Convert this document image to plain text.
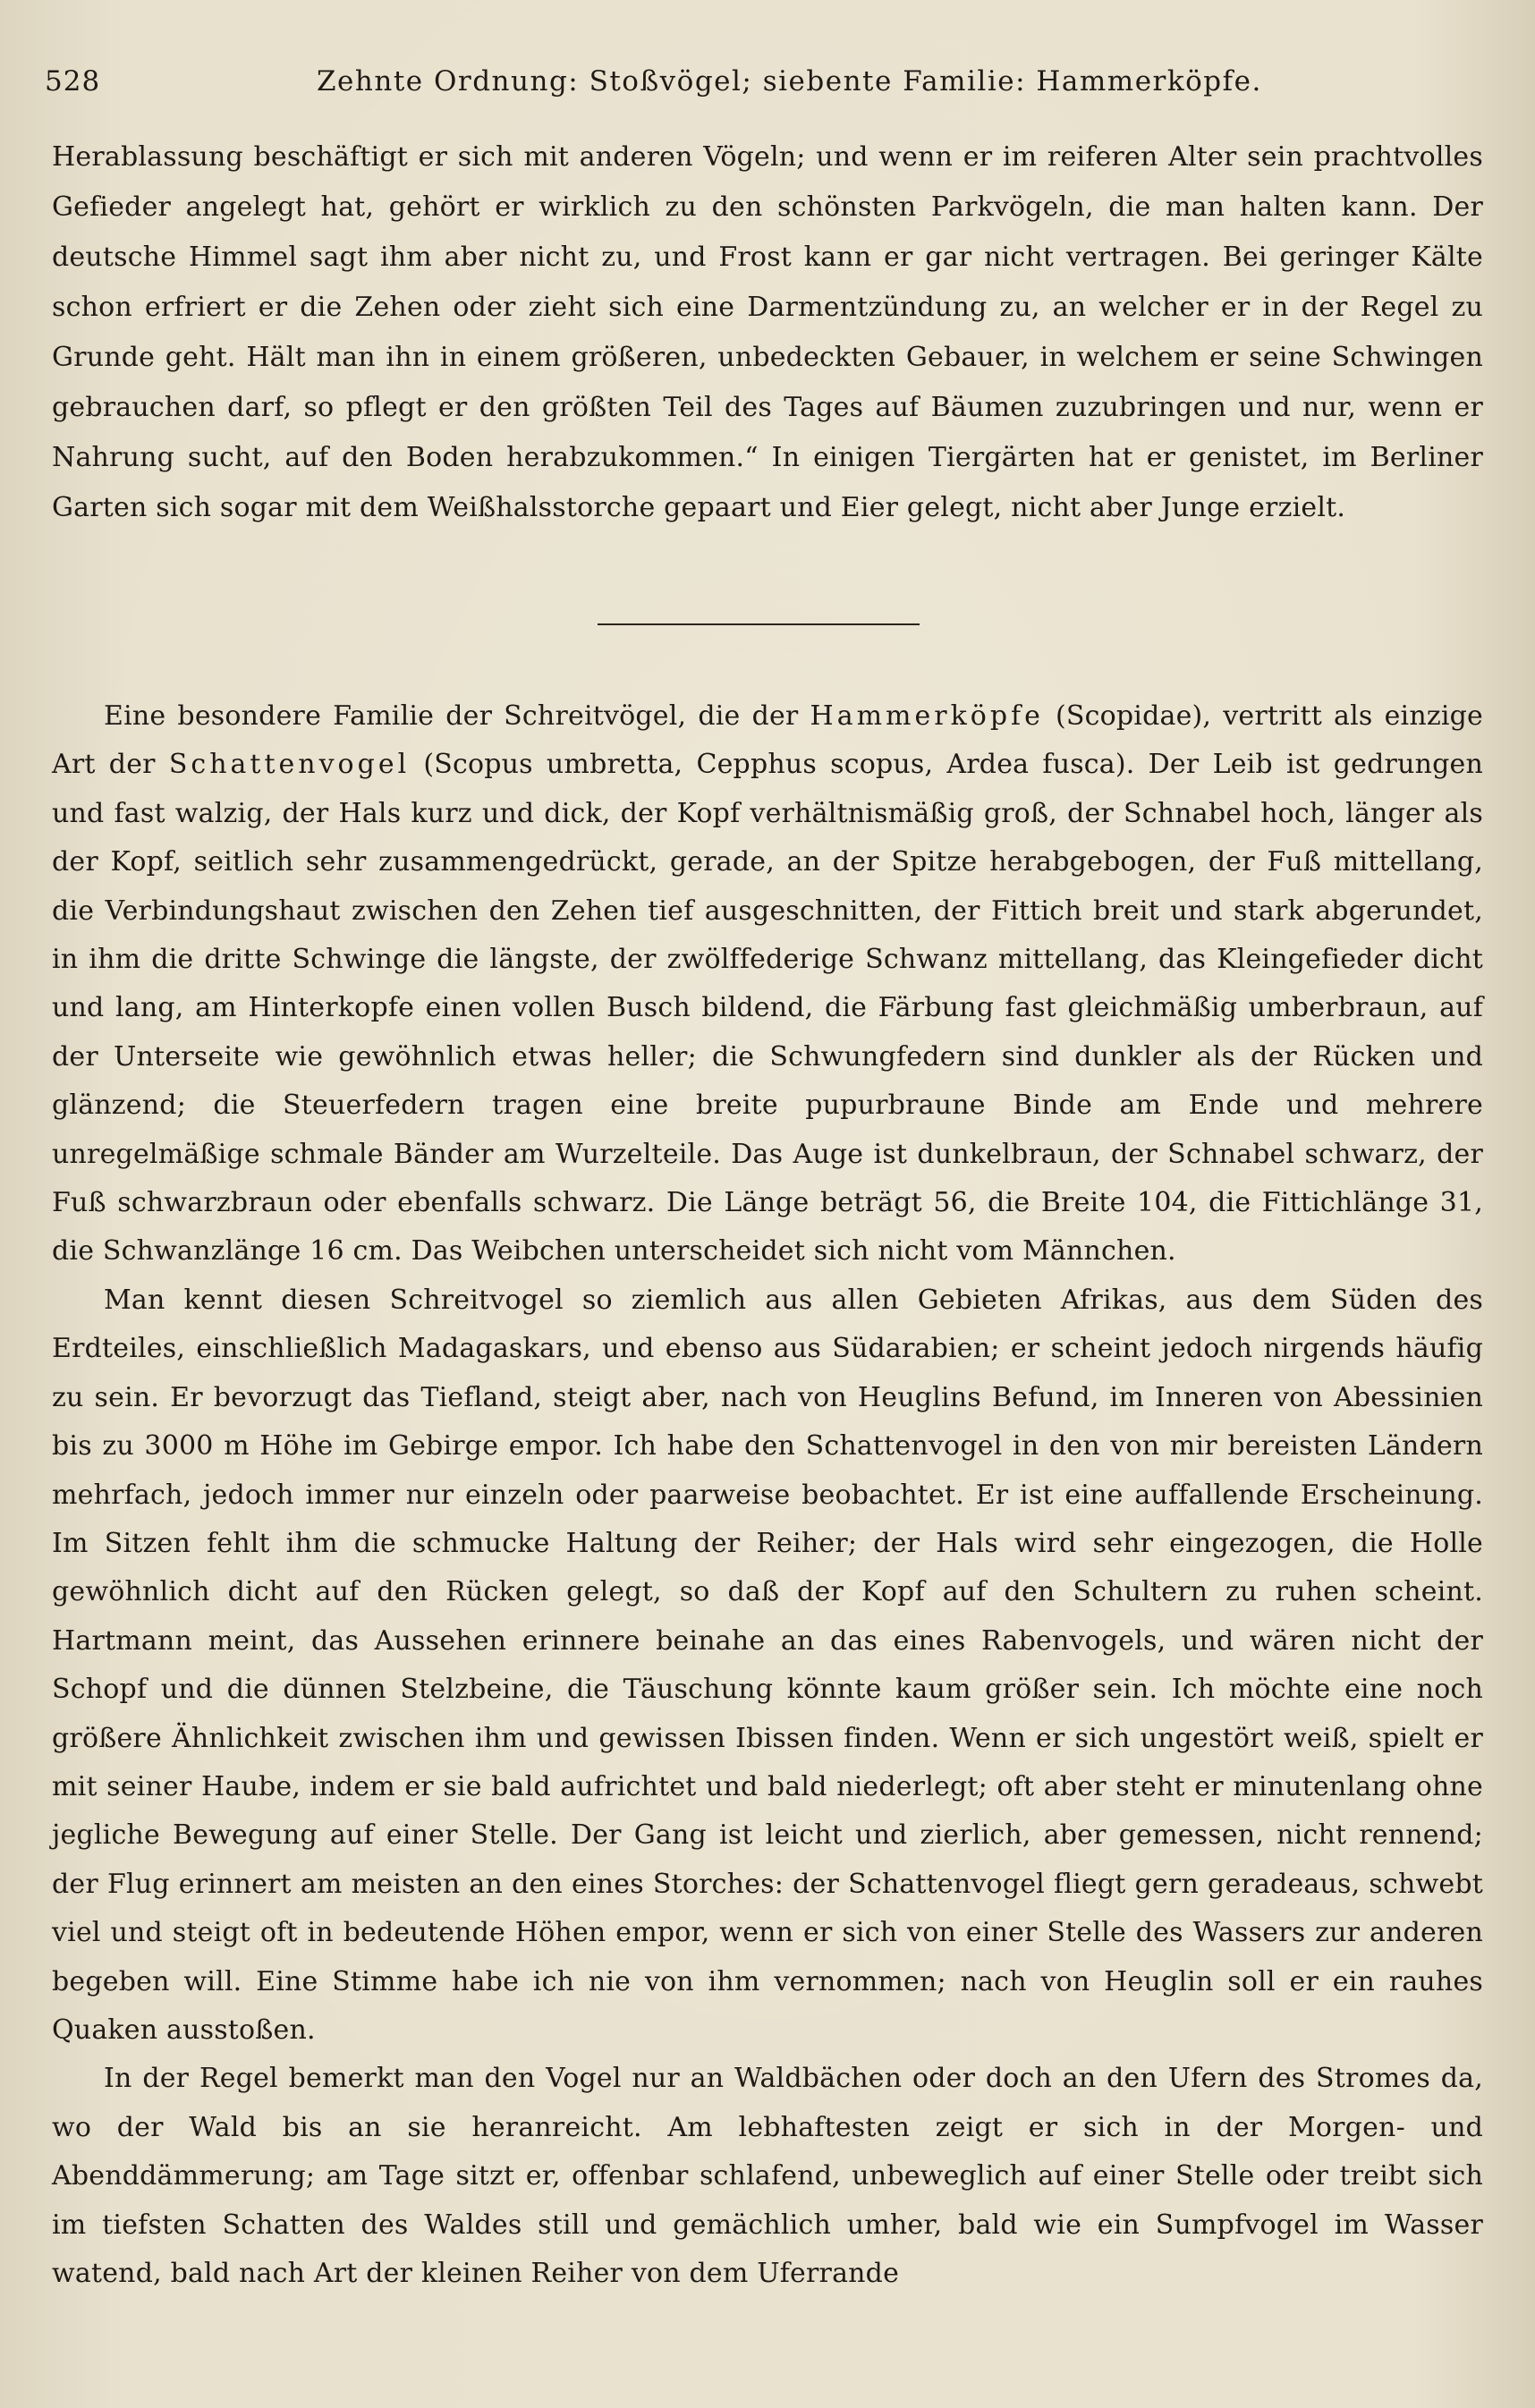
528	Zehnte Ordnung: Stoßvögel; siebente Familie: Hammerköpfe.

Herablassung beschäftigt er sich mit anderen Vögeln; und wenn er im reiferen Alter sein prachtvolles Gefieder angelegt hat, gehört er wirklich zu den schönsten Parkvögeln, die man halten kann. Der deutsche Himmel sagt ihm aber nicht zu, und Frost kann er gar nicht vertragen. Bei geringer Kälte schon erfriert er die Zehen oder zieht sich eine Darmentzündung zu, an welcher er in der Regel zu Grunde geht. Hält man ihn in einem größeren, unbedeckten Gebauer, in welchem er seine Schwingen gebrauchen darf, so pflegt er den größten Teil des Tages auf Bäumen zuzubringen und nur, wenn er Nahrung sucht, auf den Boden herabzukommen.“ In einigen Tiergärten hat er genistet, im Berliner Garten sich sogar mit dem Weißhalsstorche gepaart und Eier gelegt, nicht aber Junge erzielt.

Eine besondere Familie der Schreitvögel, die der Hammerköpfe (Scopidae), vertritt als einzige Art der Schattenvogel (Scopus umbretta, Cepphus scopus, Ardea fusca). Der Leib ist gedrungen und fast walzig, der Hals kurz und dick, der Kopf verhältnismäßig groß, der Schnabel hoch, länger als der Kopf, seitlich sehr zusammengedrückt, gerade, an der Spitze herabgebogen, der Fuß mittellang, die Verbindungshaut zwischen den Zehen tief ausgeschnitten, der Fittich breit und stark abgerundet, in ihm die dritte Schwinge die längste, der zwölffederige Schwanz mittellang, das Kleingefieder dicht und lang, am Hinterkopfe einen vollen Busch bildend, die Färbung fast gleichmäßig umberbraun, auf der Unterseite wie gewöhnlich etwas heller; die Schwungfedern sind dunkler als der Rücken und glänzend; die Steuerfedern tragen eine breite pupurbraune Binde am Ende und mehrere unregelmäßige schmale Bänder am Wurzelteile. Das Auge ist dunkelbraun, der Schnabel schwarz, der Fuß schwarzbraun oder ebenfalls schwarz. Die Länge beträgt 56, die Breite 104, die Fittichlänge 31, die Schwanzlänge 16 cm. Das Weibchen unterscheidet sich nicht vom Männchen.

Man kennt diesen Schreitvogel so ziemlich aus allen Gebieten Afrikas, aus dem Süden des Erdteiles, einschließlich Madagaskars, und ebenso aus Südarabien; er scheint jedoch nirgends häufig zu sein. Er bevorzugt das Tiefland, steigt aber, nach von Heuglins Befund, im Inneren von Abessinien bis zu 3000 m Höhe im Gebirge empor. Ich habe den Schattenvogel in den von mir bereisten Ländern mehrfach, jedoch immer nur einzeln oder paarweise beobachtet. Er ist eine auffallende Erscheinung. Im Sitzen fehlt ihm die schmucke Haltung der Reiher; der Hals wird sehr eingezogen, die Holle gewöhnlich dicht auf den Rücken gelegt, so daß der Kopf auf den Schultern zu ruhen scheint. Hartmann meint, das Aussehen erinnere beinahe an das eines Rabenvogels, und wären nicht der Schopf und die dünnen Stelzbeine, die Täuschung könnte kaum größer sein. Ich möchte eine noch größere Ähnlichkeit zwischen ihm und gewissen Ibissen finden. Wenn er sich ungestört weiß, spielt er mit seiner Haube, indem er sie bald aufrichtet und bald niederlegt; oft aber steht er minutenlang ohne jegliche Bewegung auf einer Stelle. Der Gang ist leicht und zierlich, aber gemessen, nicht rennend; der Flug erinnert am meisten an den eines Storches: der Schattenvogel fliegt gern geradeaus, schwebt viel und steigt oft in bedeutende Höhen empor, wenn er sich von einer Stelle des Wassers zur anderen begeben will. Eine Stimme habe ich nie von ihm vernommen; nach von Heuglin soll er ein rauhes Quaken ausstoßen.

In der Regel bemerkt man den Vogel nur an Waldbächen oder doch an den Ufern des Stromes da, wo der Wald bis an sie heranreicht. Am lebhaftesten zeigt er sich in der Morgen- und Abenddämmerung; am Tage sitzt er, offenbar schlafend, unbeweglich auf einer Stelle oder treibt sich im tiefsten Schatten des Waldes still und gemächlich umher, bald wie ein Sumpfvogel im Wasser watend, bald nach Art der kleinen Reiher von dem Uferrande
